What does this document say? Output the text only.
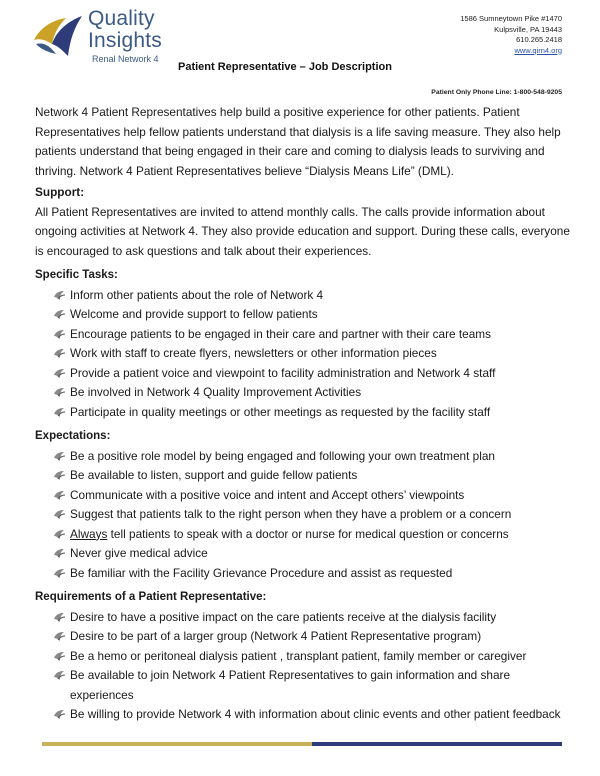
Quality
Insights
Renal Network 4
1586 Sumneytown Pike #1470
Kulpsville, PA 19443
610.265.2418
www.qirn4.org
Patient Representative – Job Description
Patient Only Phone Line: 1-800-548-9205

Network 4 Patient Representatives help build a positive experience for other patients. Patient Representatives help fellow patients understand that dialysis is a life saving measure. They also help patients understand that being engaged in their care and coming to dialysis leads to surviving and thriving. Network 4 Patient Representatives believe “Dialysis Means Life” (DML).

Support:

All Patient Representatives are invited to attend monthly calls. The calls provide information about ongoing activities at Network 4. They also provide education and support. During these calls, everyone is encouraged to ask questions and talk about their experiences.

Specific Tasks:
Inform other patients about the role of Network 4
Welcome and provide support to fellow patients
Encourage patients to be engaged in their care and partner with their care teams
Work with staff to create flyers, newsletters or other information pieces
Provide a patient voice and viewpoint to facility administration and Network 4 staff
Be involved in Network 4 Quality Improvement Activities
Participate in quality meetings or other meetings as requested by the facility staff
Expectations:
Be a positive role model by being engaged and following your own treatment plan
Be available to listen, support and guide fellow patients
Communicate with a positive voice and intent and Accept others’ viewpoints
Suggest that patients talk to the right person when they have a problem or a concern
Always tell patients to speak with a doctor or nurse for medical question or concerns
Never give medical advice
Be familiar with the Facility Grievance Procedure and assist as requested
Requirements of a Patient Representative:
Desire to have a positive impact on the care patients receive at the dialysis facility
Desire to be part of a larger group (Network 4 Patient Representative program)
Be a hemo or peritoneal dialysis patient , transplant patient, family member or caregiver
Be available to join Network 4 Patient Representatives to gain information and share experiences
Be willing to provide Network 4 with information about clinic events and other patient feedback
